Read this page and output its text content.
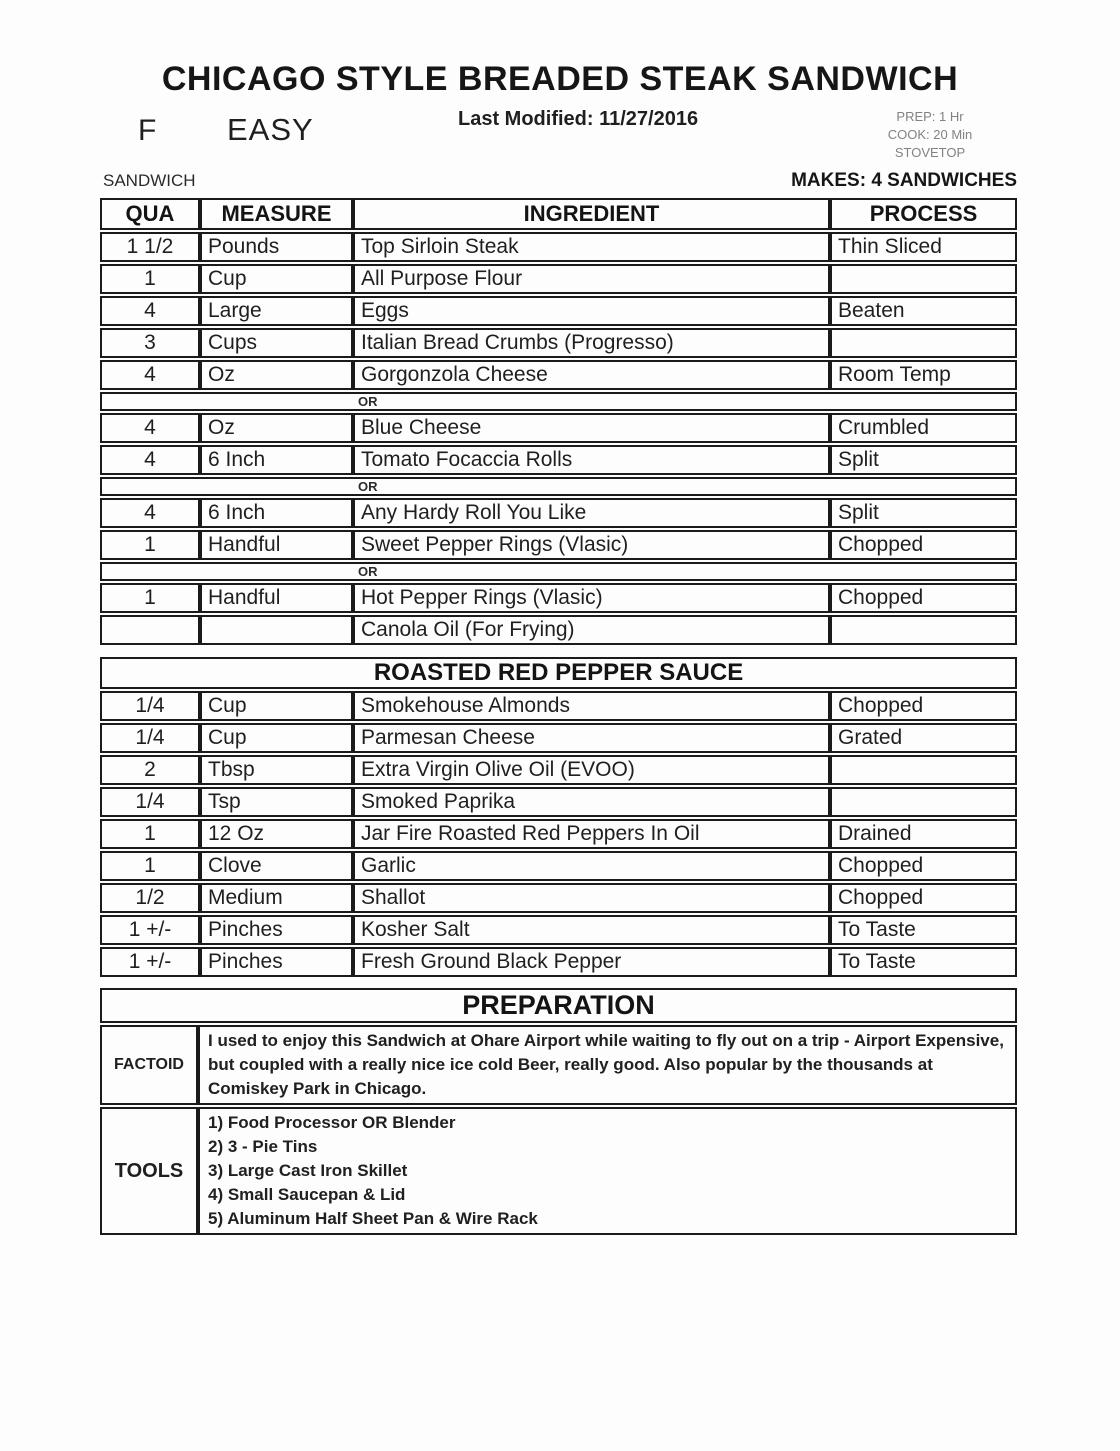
CHICAGO STYLE BREADED STEAK SANDWICH
F EASY	Last Modified: 11/27/2016	PREP: 1 Hr
COOK: 20 Min
STOVETOP
SANDWICH	MAKES: 4 SANDWICHES
QUA	MEASURE	INGREDIENT	PROCESS
1 1/2	Pounds	Top Sirloin Steak	Thin Sliced
1	Cup	All Purpose Flour	
4	Large	Eggs	Beaten
3	Cups	Italian Bread Crumbs (Progresso)	
4	Oz	Gorgonzola Cheese	Room Temp
OR			
4	Oz	Blue Cheese	Crumbled
4	6 Inch	Tomato Focaccia Rolls	Split
OR			
4	6 Inch	Any Hardy Roll You Like	Split
1	Handful	Sweet Pepper Rings (Vlasic)	Chopped
OR			
1	Handful	Hot Pepper Rings (Vlasic)	Chopped
		Canola Oil (For Frying)	
ROASTED RED PEPPER SAUCE			
1/4	Cup	Smokehouse Almonds	Chopped
1/4	Cup	Parmesan Cheese	Grated
2	Tbsp	Extra Virgin Olive Oil (EVOO)	
1/4	Tsp	Smoked Paprika	
1	12 Oz	Jar Fire Roasted Red Peppers In Oil	Drained
1	Clove	Garlic	Chopped
1/2	Medium	Shallot	Chopped
1 +/-	Pinches	Kosher Salt	To Taste
1 +/-	Pinches	Fresh Ground Black Pepper	To Taste
PREPARATION	
FACTOID	I used to enjoy this Sandwich at Ohare Airport while waiting to fly out on a trip - Airport Expensive, but coupled with a really nice ice cold Beer, really good. Also popular by the thousands at Comiskey Park in Chicago.
TOOLS	1) Food Processor OR Blender
2) 3 - Pie Tins
3) Large Cast Iron Skillet
4) Small Saucepan & Lid
5) Aluminum Half Sheet Pan & Wire Rack
